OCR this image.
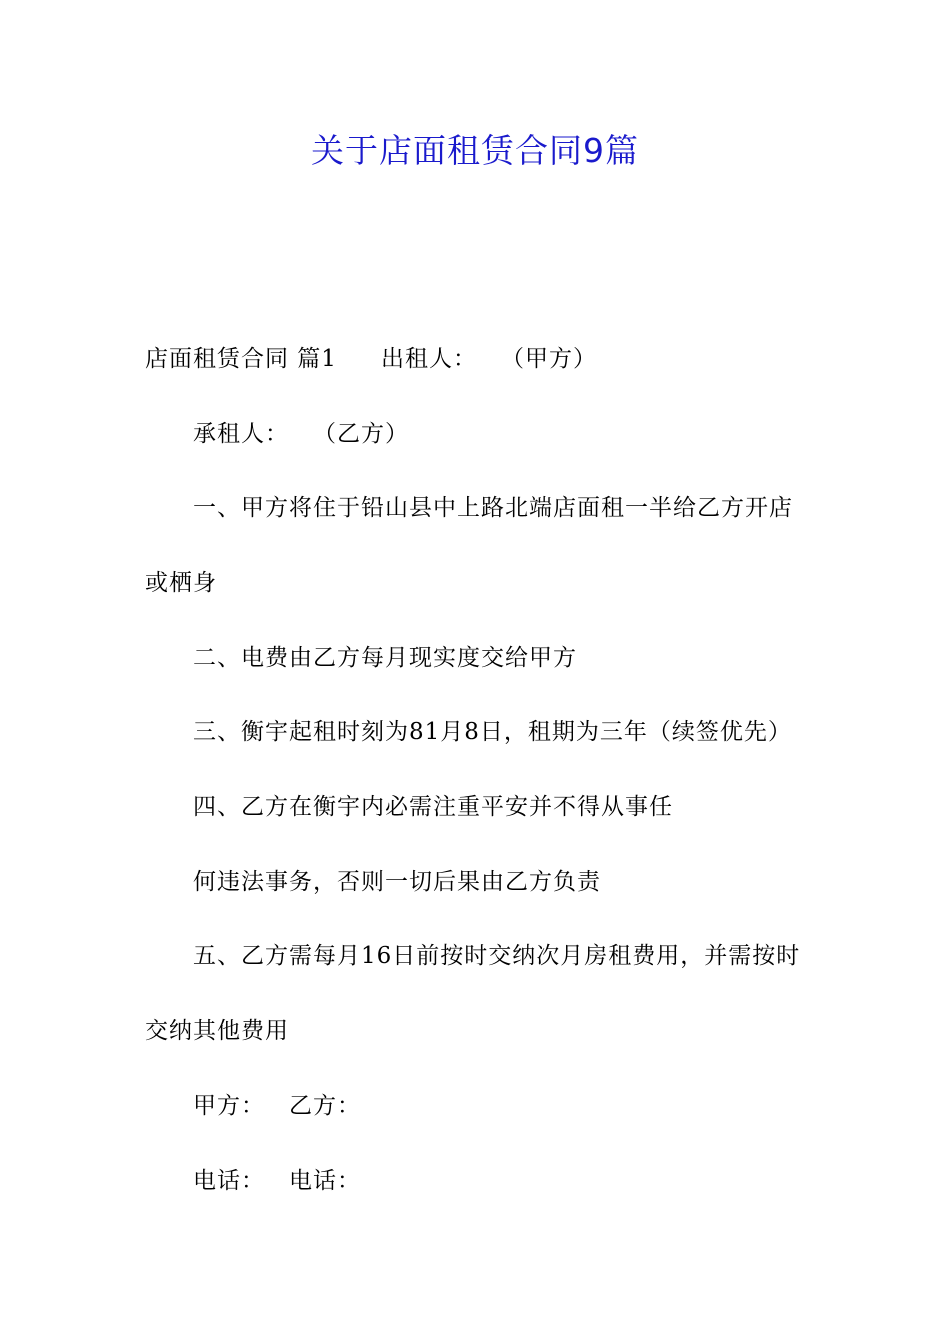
关于店面租赁合同9篇
店面租赁合同 篇1 出租人： （甲方）
承租人： （乙方）
一、甲方将住于铅山县中上路北端店面租一半给乙方开店
或栖身
二、电费由乙方每月现实度交给甲方
三、衡宇起租时刻为81月8日，租期为三年（续签优先）
四、乙方在衡宇内必需注重平安并不得从事任
何违法事务，否则一切后果由乙方负责
五、乙方需每月16日前按时交纳次月房租费用，并需按时
交纳其他费用
甲方： 乙方：
电话： 电话：
